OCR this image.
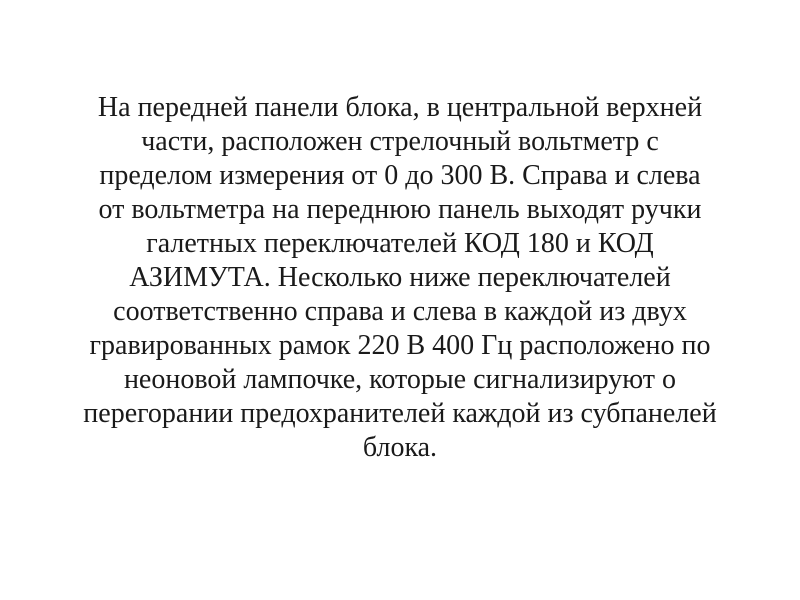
На передней панели блока, в центральной верхней
части, расположен стрелочный вольтметр с
пределом измерения от 0 до 300 В. Справа и слева
от вольтметра на переднюю панель выходят ручки
галетных переключателей КОД 180 и КОД
АЗИМУТА. Несколько ниже переключателей
соответственно справа и слева в каждой из двух
гравированных рамок 220 В 400 Гц расположено по
неоновой лампочке, которые сигнализируют о
перегорании предохранителей каждой из субпанелей
блока.
